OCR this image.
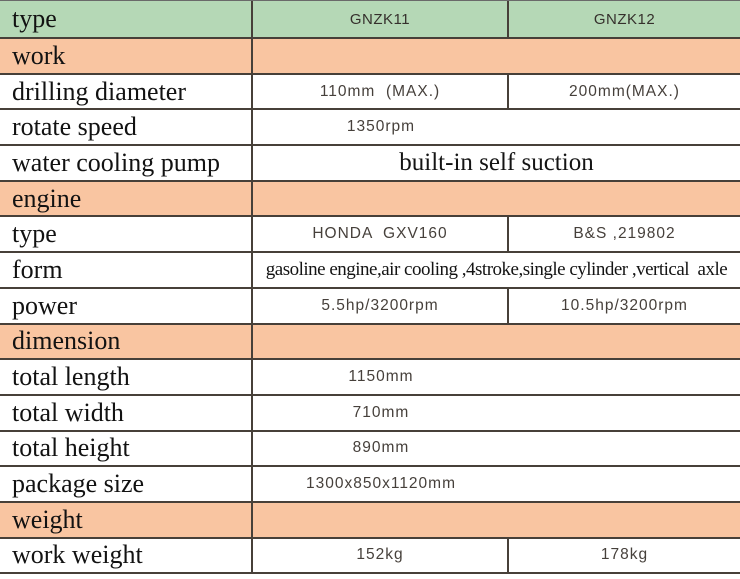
type	GNZK11	GNZK12
work
drilling diameter	110mm  (MAX.)	200mm(MAX.)
rotate speed	1350rpm
water cooling pump	built-in self suction
engine
type	HONDA  GXV160	B&S ,219802
form	gasoline engine,air cooling ,4stroke,single cylinder ,vertical  axle
power	5.5hp/3200rpm	10.5hp/3200rpm
dimension
total length	1150mm
total width	710mm
total height	890mm
package size	1300x850x1120mm
weight
work weight	152kg	178kg
